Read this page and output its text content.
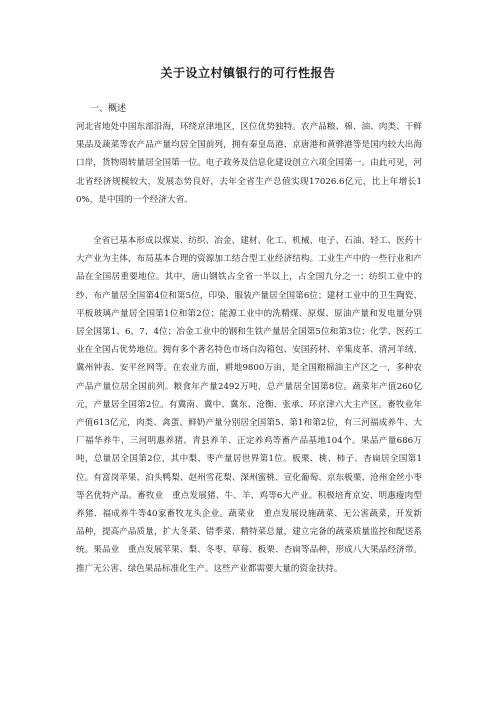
关于设立村镇银行的可行性报告
一、概述

河北省地处中国东部沿海，环绕京津地区，区位优势独特。农产品粮、棉、油、肉类、干鲜果品及蔬菜等农产品产量均居全国前列，拥有秦皇岛港、京唐港和黄骅港等是国内较大出海口岸，货物周转量居全国第一位。电子政务及信息化建设创立六项全国第一。由此可见，河北省经济规模较大，发展态势良好，去年全省生产总值实现17026.6亿元，比上年增长10%，是中国的一个经济大省。

全省已基本形成以煤炭、纺织、冶金、建材、化工、机械、电子、石油、轻工、医药十大产业为主体，布局基本合理的资源加工结合型工业经济结构。工业生产中的一些行业和产品在全国居重要地位。其中，唐山钢铁占全省一半以上，占全国九分之一；纺织工业中的纱、布产量居全国第4位和第5位，印染、服装产量居全国第6位；建材工业中的卫生陶瓷、平板玻璃产量居全国第1位和第2位；能源工业中的洗精煤、原煤、原油产量和发电量分别居全国第1、6、7、4位；冶金工业中的钢和生铁产量居全国第5位和第3位；化学、医药工业在全国占优势地位。拥有多个著名特色市场白沟箱包、安国药材、辛集皮革、清河羊绒、冀州钟表、安平丝网等。在农业方面，耕地9800万亩，是全国粮棉油主产区之一，多种农产品产量位居全国前列。粮食年产量2492万吨，总产量居全国第8位。蔬菜年产值260亿元，产量居全国第2位。有冀南、冀中、冀东、沧衡、张承、环京津六大主产区。畜牧业年产值613亿元，肉类、禽蛋、鲜奶产量分别居全国第5、第1和第2位，有三河福成养牛、大厂福华养牛、三河明惠养猪、青县养羊、正定养鸡等畜产品基地104个。果品产量686万吨，总量居全国第2位，其中梨、枣产量居世界第1位。板栗、桃、柿子、杏扁居全国第1位。有富岗苹果、泊头鸭梨、赵州雪花梨、深州蜜桃、宣化葡萄、京东板栗、沧州金丝小枣等名优特产品。畜牧业　重点发展猪、牛、羊、鸡等6大产业。积极培育京安、明惠瘦肉型养猪、福成养牛等40家畜牧龙头企业。蔬菜业　重点发展设施蔬菜、无公害蔬菜，开发新品种，提高产品质量，扩大冬菜、错季菜、精特菜总量，建立完备的蔬菜质量监控和配送系统。果品业　重点发展苹果、梨、冬枣、草莓、板栗、杏扁等品种，形成八大果品经济带。推广无公害、绿色果品标准化生产。这些产业都需要大量的资金扶持。
